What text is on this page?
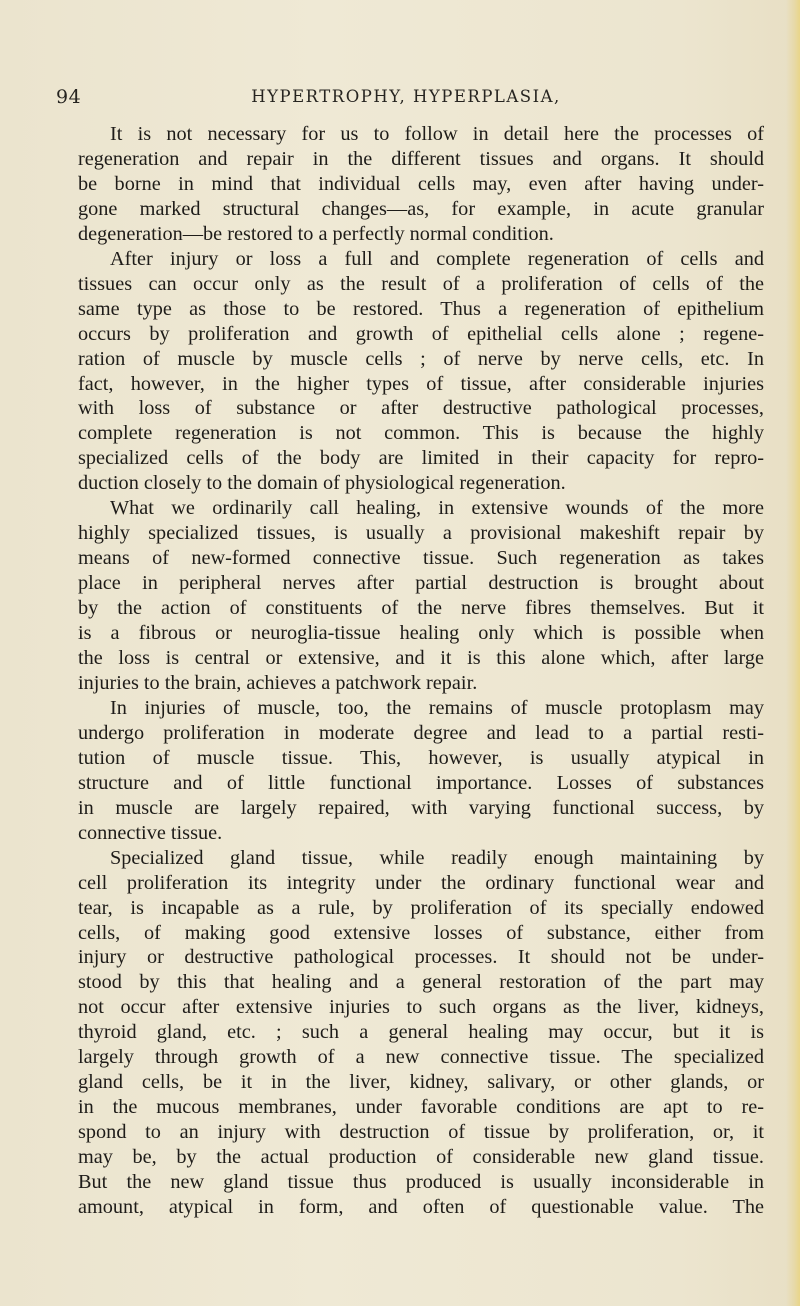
94	HYPERTROPHY, HYPERPLASIA,

It is not necessary for us to follow in detail here the processes of
regeneration and repair in the different tissues and organs. It should
be borne in mind that individual cells may, even after having under-
gone marked structural changes—as, for example, in acute granular
degeneration—be restored to a perfectly normal condition.

After injury or loss a full and complete regeneration of cells and
tissues can occur only as the result of a proliferation of cells of the
same type as those to be restored. Thus a regeneration of epithelium
occurs by proliferation and growth of epithelial cells alone ; regene-
ration of muscle by muscle cells ; of nerve by nerve cells, etc. In
fact, however, in the higher types of tissue, after considerable injuries
with loss of substance or after destructive pathological processes,
complete regeneration is not common. This is because the highly
specialized cells of the body are limited in their capacity for repro-
duction closely to the domain of physiological regeneration.

What we ordinarily call healing, in extensive wounds of the more
highly specialized tissues, is usually a provisional makeshift repair by
means of new-formed connective tissue. Such regeneration as takes
place in peripheral nerves after partial destruction is brought about
by the action of constituents of the nerve fibres themselves. But it
is a fibrous or neuroglia-tissue healing only which is possible when
the loss is central or extensive, and it is this alone which, after large
injuries to the brain, achieves a patchwork repair.

In injuries of muscle, too, the remains of muscle protoplasm may
undergo proliferation in moderate degree and lead to a partial resti-
tution of muscle tissue. This, however, is usually atypical in
structure and of little functional importance. Losses of substances
in muscle are largely repaired, with varying functional success, by
connective tissue.

Specialized gland tissue, while readily enough maintaining by
cell proliferation its integrity under the ordinary functional wear and
tear, is incapable as a rule, by proliferation of its specially endowed
cells, of making good extensive losses of substance, either from
injury or destructive pathological processes. It should not be under-
stood by this that healing and a general restoration of the part may
not occur after extensive injuries to such organs as the liver, kidneys,
thyroid gland, etc. ; such a general healing may occur, but it is
largely through growth of a new connective tissue. The specialized
gland cells, be it in the liver, kidney, salivary, or other glands, or
in the mucous membranes, under favorable conditions are apt to re-
spond to an injury with destruction of tissue by proliferation, or, it
may be, by the actual production of considerable new gland tissue.
But the new gland tissue thus produced is usually inconsiderable in
amount, atypical in form, and often of questionable value. The
